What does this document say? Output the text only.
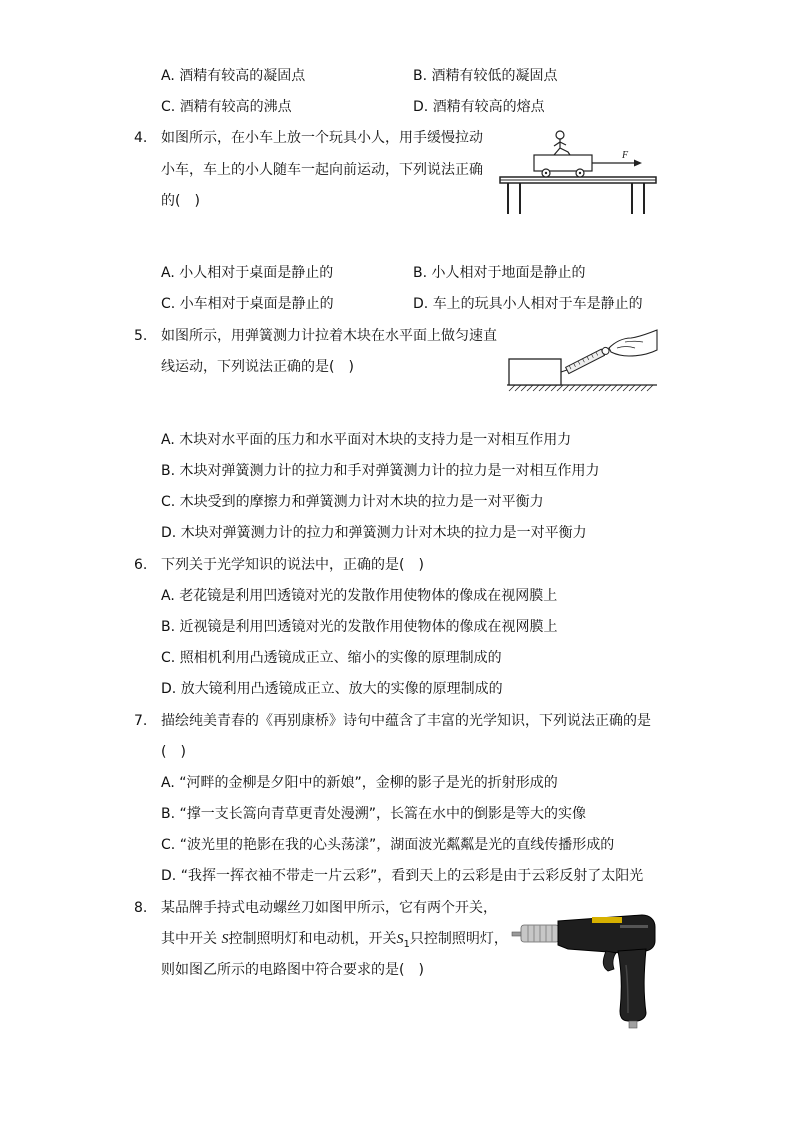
A. 酒精有较高的凝固点	B. 酒精有较低的凝固点
C. 酒精有较高的沸点	D. 酒精有较高的熔点
4. 如图所示，在小车上放一个玩具小人，用手缓慢拉动
小车，车上的小人随车一起向前运动，下列说法正确
的(　)
F
A. 小人相对于桌面是静止的	B. 小人相对于地面是静止的
C. 小车相对于桌面是静止的	D. 车上的玩具小人相对于车是静止的
5. 如图所示，用弹簧测力计拉着木块在水平面上做匀速直
线运动，下列说法正确的是(　)
A. 木块对水平面的压力和水平面对木块的支持力是一对相互作用力
B. 木块对弹簧测力计的拉力和手对弹簧测力计的拉力是一对相互作用力
C. 木块受到的摩擦力和弹簧测力计对木块的拉力是一对平衡力
D. 木块对弹簧测力计的拉力和弹簧测力计对木块的拉力是一对平衡力
6. 下列关于光学知识的说法中，正确的是(　)
A. 老花镜是利用凹透镜对光的发散作用使物体的像成在视网膜上
B. 近视镜是利用凹透镜对光的发散作用使物体的像成在视网膜上
C. 照相机利用凸透镜成正立、缩小的实像的原理制成的
D. 放大镜利用凸透镜成正立、放大的实像的原理制成的
7. 描绘纯美青春的《再别康桥》诗句中蕴含了丰富的光学知识，下列说法正确的是
(　)
A. “河畔的金柳是夕阳中的新娘”，金柳的影子是光的折射形成的
B. “撑一支长篙向青草更青处漫溯”，长篙在水中的倒影是等大的实像
C. “波光里的艳影在我的心头荡漾”，湖面波光粼粼是光的直线传播形成的
D. “我挥一挥衣袖不带走一片云彩”，看到天上的云彩是由于云彩反射了太阳光
8. 某品牌手持式电动螺丝刀如图甲所示，它有两个开关，
其中开关 S控制照明灯和电动机，开关$S_1$只控制照明灯，
则如图乙所示的电路图中符合要求的是(　)
